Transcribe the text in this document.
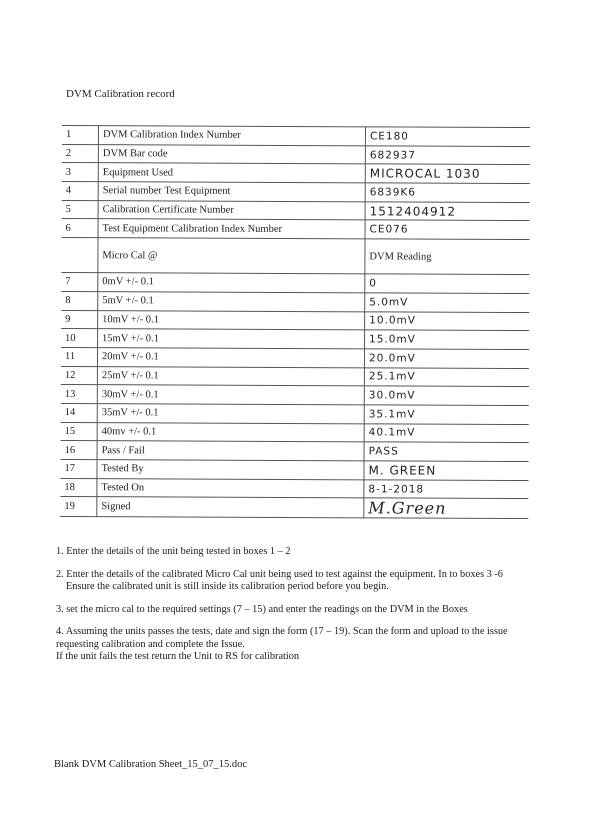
DVM Calibration record
1	DVM Calibration Index Number	CE180
2	DVM Bar code	682937
3	Equipment Used	MICROCAL 1030
4	Serial number Test Equipment	6839K6
5	Calibration Certificate Number	1512404912
6	Test Equipment Calibration Index Number	CE076
	Micro Cal @	DVM Reading
7	0mV +/- 0.1	0
8	5mV +/- 0.1	5.0mV
9	10mV +/- 0.1	10.0mV
10	15mV +/- 0.1	15.0mV
11	20mV +/- 0.1	20.0mV
12	25mV +/- 0.1	25.1mV
13	30mV +/- 0.1	30.0mV
14	35mV +/- 0.1	35.1mV
15	40mv +/- 0.1	40.1mV
16	Pass / Fail	PASS
17	Tested By	M. GREEN
18	Tested On	8-1-2018
19	Signed	M.Green

1. Enter the details of the unit being tested in boxes 1 – 2

2. Enter the details of the calibrated Micro Cal unit being used to test against the equipment. In to boxes 3 -6

Ensure the calibrated unit is still inside its calibration period before you begin.

3. set the micro cal to the required settings (7 – 15) and enter the readings on the DVM in the Boxes

4. Assuming the units passes the tests, date and sign the form (17 – 19). Scan the form and upload to the issue requesting calibration and complete the Issue.

If the unit fails the test return the Unit to RS for calibration

Blank DVM Calibration Sheet_15_07_15.doc
